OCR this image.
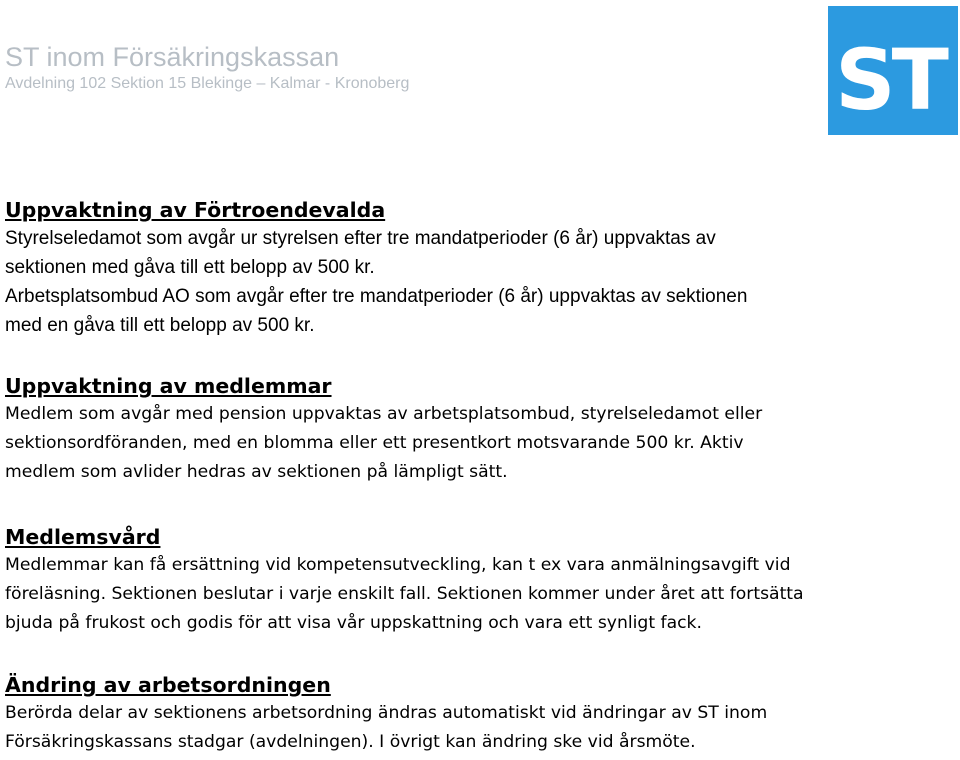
ST inom Försäkringskassan
Avdelning 102 Sektion 15 Blekinge – Kalmar - Kronoberg	ST

Uppvaktning av Förtroendevalda

Styrelseledamot som avgår ur styrelsen efter tre mandatperioder (6 år) uppvaktas av
sektionen med gåva till ett belopp av 500 kr.
Arbetsplatsombud AO som avgår efter tre mandatperioder (6 år) uppvaktas av sektionen
med en gåva till ett belopp av 500 kr.

Uppvaktning av medlemmar

Medlem som avgår med pension uppvaktas av arbetsplatsombud, styrelseledamot eller
sektionsordföranden, med en blomma eller ett presentkort motsvarande 500 kr. Aktiv
medlem som avlider hedras av sektionen på lämpligt sätt.

Medlemsvård

Medlemmar kan få ersättning vid kompetensutveckling, kan t ex vara anmälningsavgift vid
föreläsning. Sektionen beslutar i varje enskilt fall. Sektionen kommer under året att fortsätta
bjuda på frukost och godis för att visa vår uppskattning och vara ett synligt fack.

Ändring av arbetsordningen

Berörda delar av sektionens arbetsordning ändras automatiskt vid ändringar av ST inom
Försäkringskassans stadgar (avdelningen). I övrigt kan ändring ske vid årsmöte.
